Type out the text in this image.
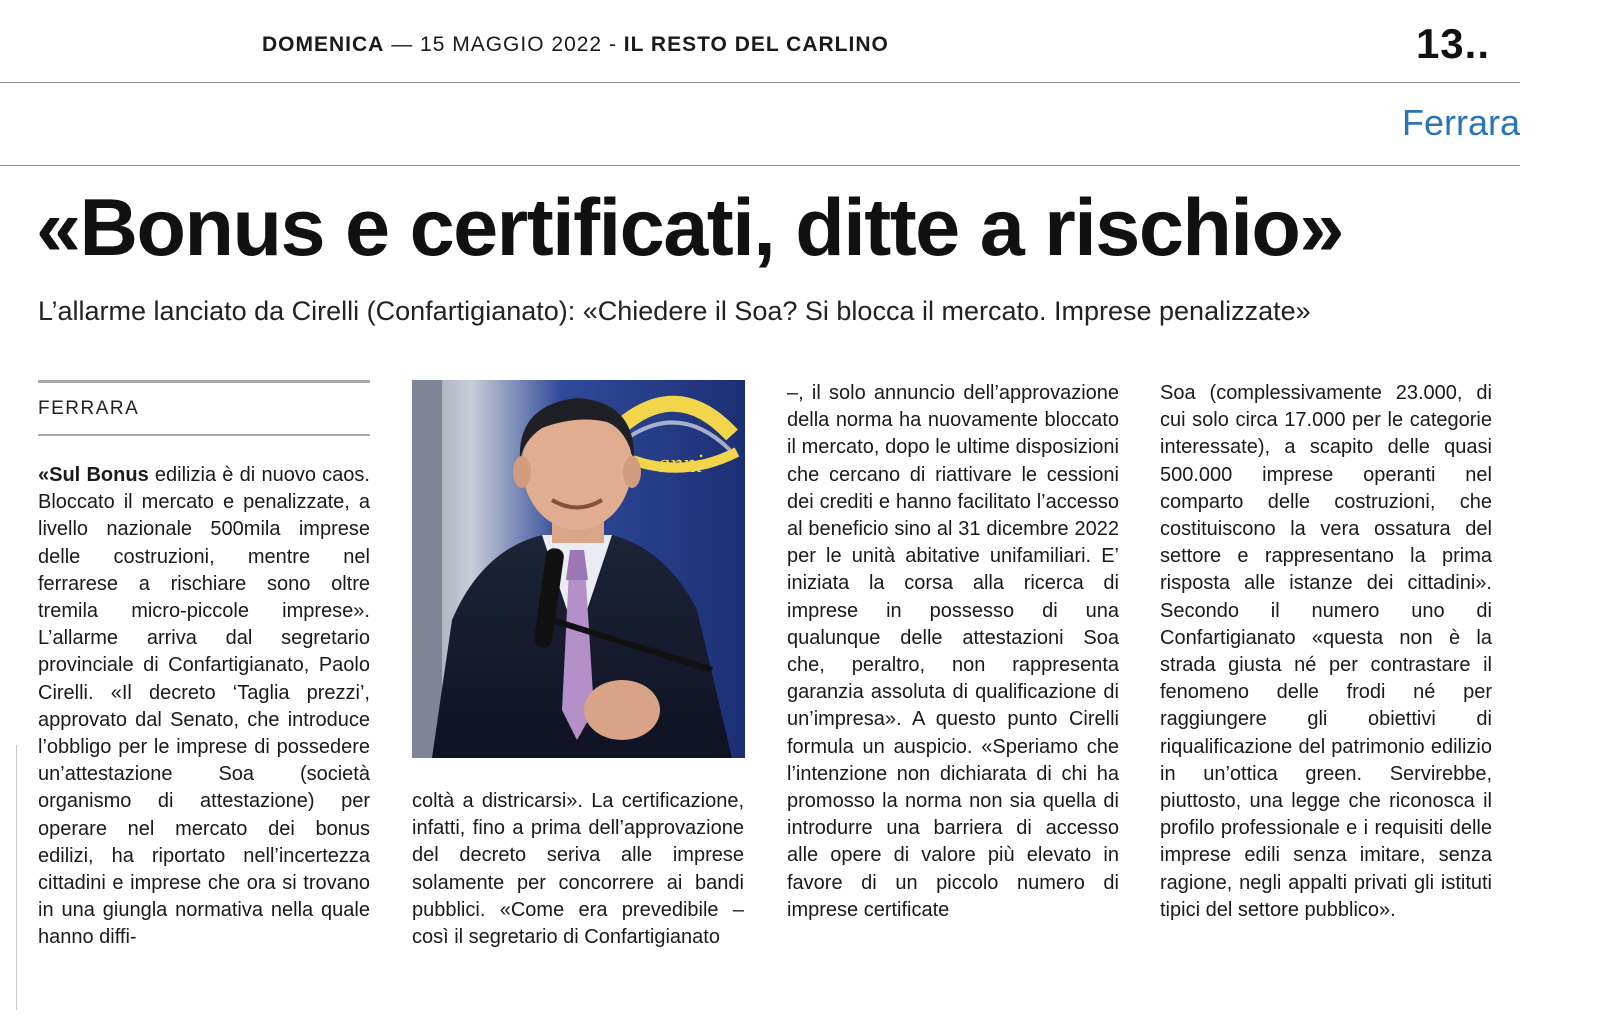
DOMENICA — 15 MAGGIO 2022 - IL RESTO DEL CARLINO	13..
Ferrara
«Bonus e certificati, ditte a rischio»
L’allarme lanciato da Cirelli (Confartigianato): «Chiedere il Soa? Si blocca il mercato. Imprese penalizzate»
FERRARA

«Sul Bonus edilizia è di nuovo caos. Bloccato il mercato e penalizzate, a livello nazionale 500mila imprese delle costruzioni, mentre nel ferrarese a rischiare sono oltre tremila micro-piccole imprese». L’allarme arriva dal segretario provinciale di Confartigianato, Paolo Cirelli. «Il decreto ‘Taglia prezzi’, approvato dal Senato, che introduce l’obbligo per le imprese di possedere un’attestazione Soa (società organismo di attestazione) per operare nel mercato dei bonus edilizi, ha riportato nell’incertezza cittadini e imprese che ora si trovano in una giungla normativa nella quale hanno diffi-

anni

coltà a districarsi». La certificazione, infatti, fino a prima dell’approvazione del decreto seriva alle imprese solamente per concorrere ai bandi pubblici. «Come era prevedibile – così il segretario di Confartigianato

–, il solo annuncio dell’approvazione della norma ha nuovamente bloccato il mercato, dopo le ultime disposizioni che cercano di riattivare le cessioni dei crediti e hanno facilitato l’accesso al beneficio sino al 31 dicembre 2022 per le unità abitative unifamiliari. E’ iniziata la corsa alla ricerca di imprese in possesso di una qualunque delle attestazioni Soa che, peraltro, non rappresenta garanzia assoluta di qualificazione di un’impresa». A questo punto Cirelli formula un auspicio. «Speriamo che l’intenzione non dichiarata di chi ha promosso la norma non sia quella di introdurre una barriera di accesso alle opere di valore più elevato in favore di un piccolo numero di imprese certificate

Soa (complessivamente 23.000, di cui solo circa 17.000 per le categorie interessate), a scapito delle quasi 500.000 imprese operanti nel comparto delle costruzioni, che costituiscono la vera ossatura del settore e rappresentano la prima risposta alle istanze dei cittadini». Secondo il numero uno di Confartigianato «questa non è la strada giusta né per contrastare il fenomeno delle frodi né per raggiungere gli obiettivi di riqualificazione del patrimonio edilizio in un’ottica green. Servirebbe, piuttosto, una legge che riconosca il profilo professionale e i requisiti delle imprese edili senza imitare, senza ragione, negli appalti privati gli istituti tipici del settore pubblico».
